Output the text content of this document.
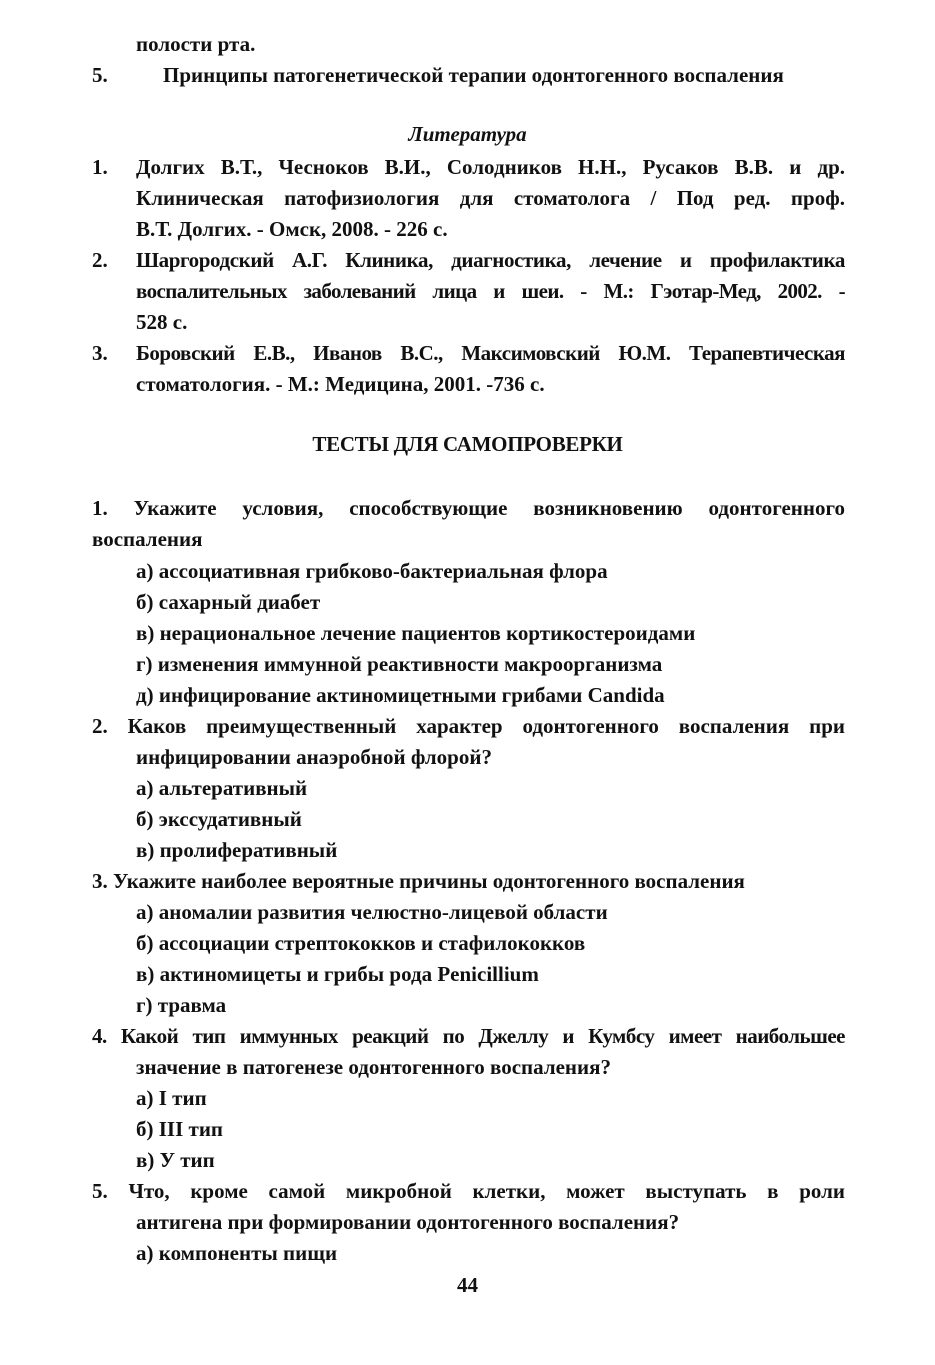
полости рта.
5.	Принципы патогенетической терапии одонтогенного воспаления
Литература
1. Долгих В.Т., Чесноков В.И., Солодников Н.Н., Русаков В.В. и др.
Клиническая патофизиология для стоматолога / Под ред. проф.
В.Т. Долгих. - Омск, 2008. - 226 с.
2. Шаргородский А.Г. Клиника, диагностика, лечение и профилактика
воспалительных заболеваний лица и шеи. - М.: Гэотар-Мед, 2002. -
528 с.
3. Боровский Е.В., Иванов В.С., Максимовский Ю.М. Терапевтическая
стоматология. - М.: Медицина, 2001. -736 с.
ТЕСТЫ ДЛЯ САМОПРОВЕРКИ
1. Укажите условия, способствующие возникновению одонтогенного
воспаления
а) ассоциативная грибково-бактериальная флора
б) сахарный диабет
в) нерациональное лечение пациентов кортикостероидами
г) изменения иммунной реактивности макроорганизма
д) инфицирование актиномицетными грибами Candida
2. Каков преимущественный характер одонтогенного воспаления при
инфицировании анаэробной флорой?
а) альтеративный
б) экссудативный
в) пролиферативный
3. Укажите наиболее вероятные причины одонтогенного воспаления
а) аномалии развития челюстно-лицевой области
б) ассоциации стрептококков и стафилококков
в) актиномицеты и грибы рода Penicillium
г) травма
4. Какой тип иммунных реакций по Джеллу и Кумбсу имеет наибольшее
значение в патогенезе одонтогенного воспаления?
а) I тип
б) III тип
в) У тип
5. Что, кроме самой микробной клетки, может выступать в роли
антигена при формировании одонтогенного воспаления?
а) компоненты пищи
44
